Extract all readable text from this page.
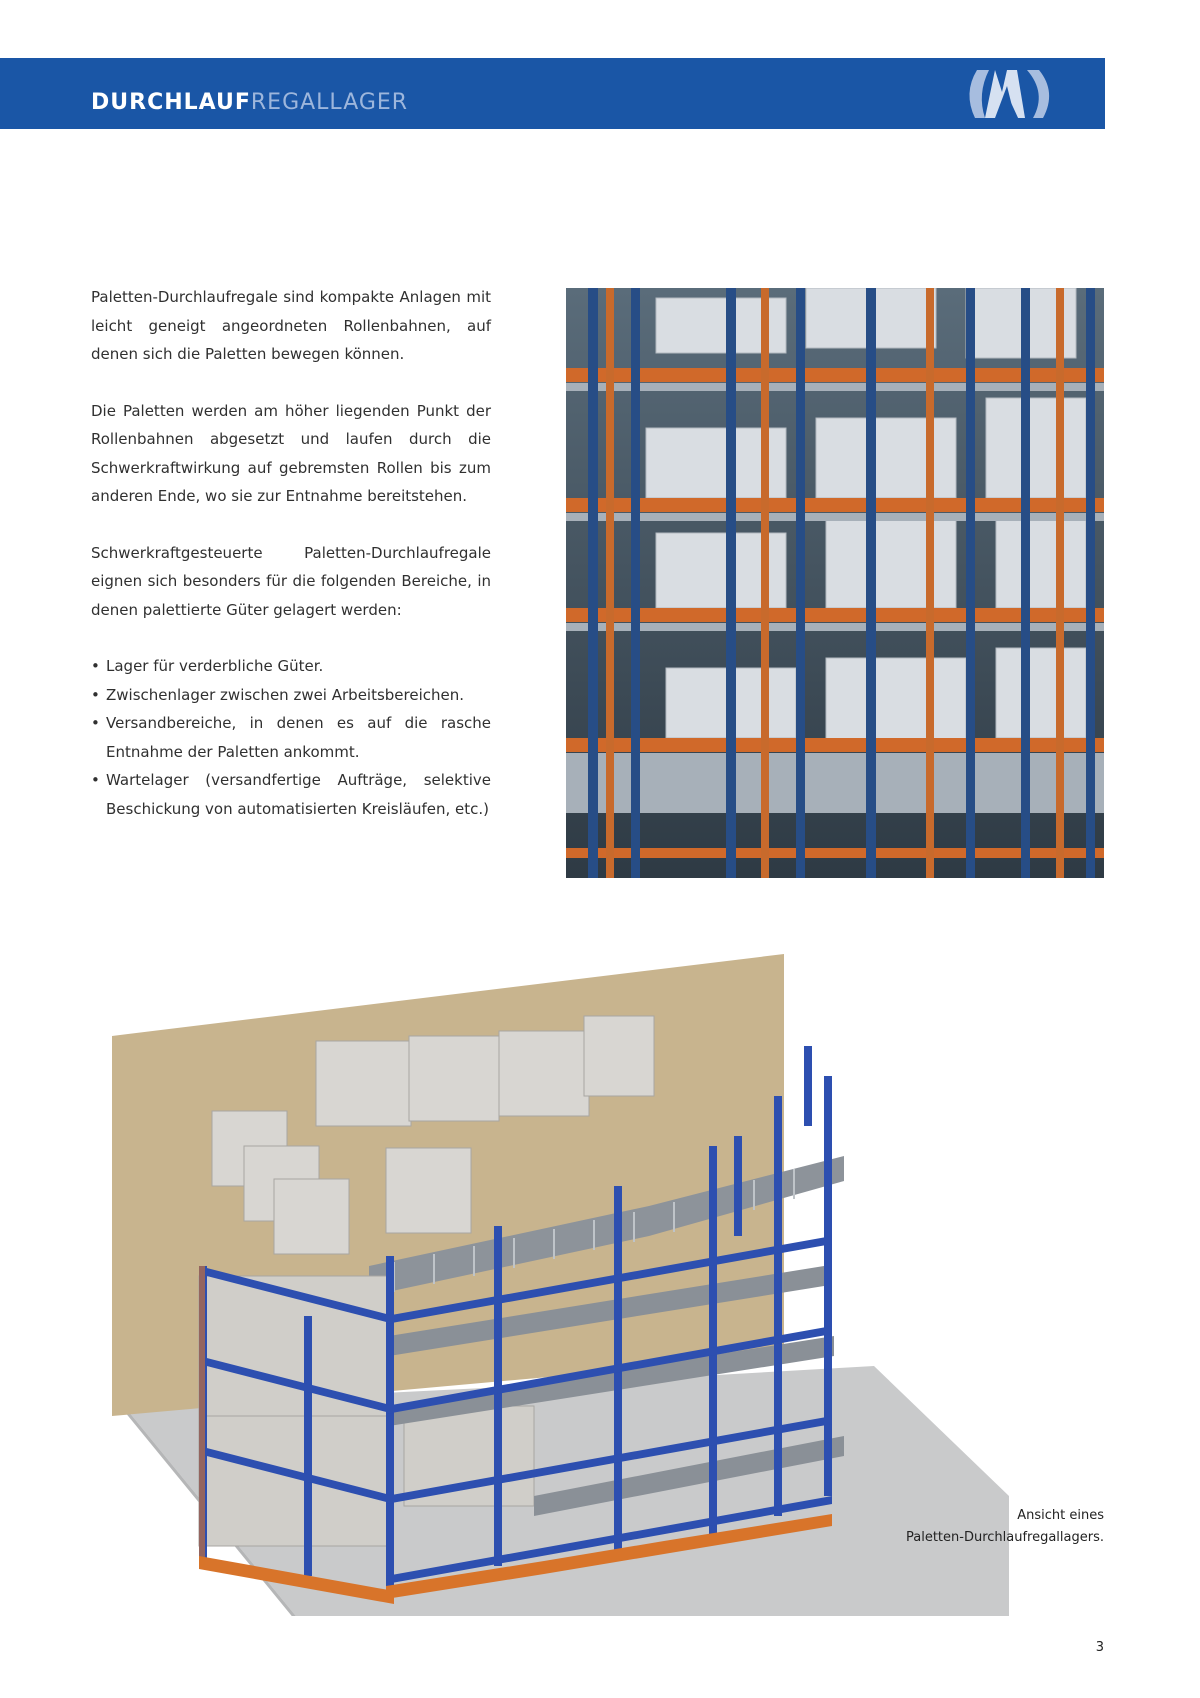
DURCHLAUFREGALLAGER

Paletten-Durchlaufregale sind kompakte Anlagen mit leicht geneigt angeordneten Rollenbahnen, auf denen sich die Paletten bewegen können.

Die Paletten werden am höher liegenden Punkt der Rollenbahnen abgesetzt und laufen durch die Schwerkraftwirkung auf gebremsten Rollen bis zum anderen Ende, wo sie zur Entnahme bereitstehen.

Schwerkraftgesteuerte Paletten-Durchlaufregale eignen sich besonders für die folgenden Bereiche, in denen palettierte Güter gelagert werden:

• Lager für verderbliche Güter.
• Zwischenlager zwischen zwei Arbeitsbereichen.
• Versandbereiche, in denen es auf die rasche Entnahme der Paletten ankommt.
• Wartelager (versandfertige Aufträge, selektive Beschickung von automatisierten Kreisläufen, etc.)
Ansicht eines
Paletten-Durchlaufregallagers.
3
